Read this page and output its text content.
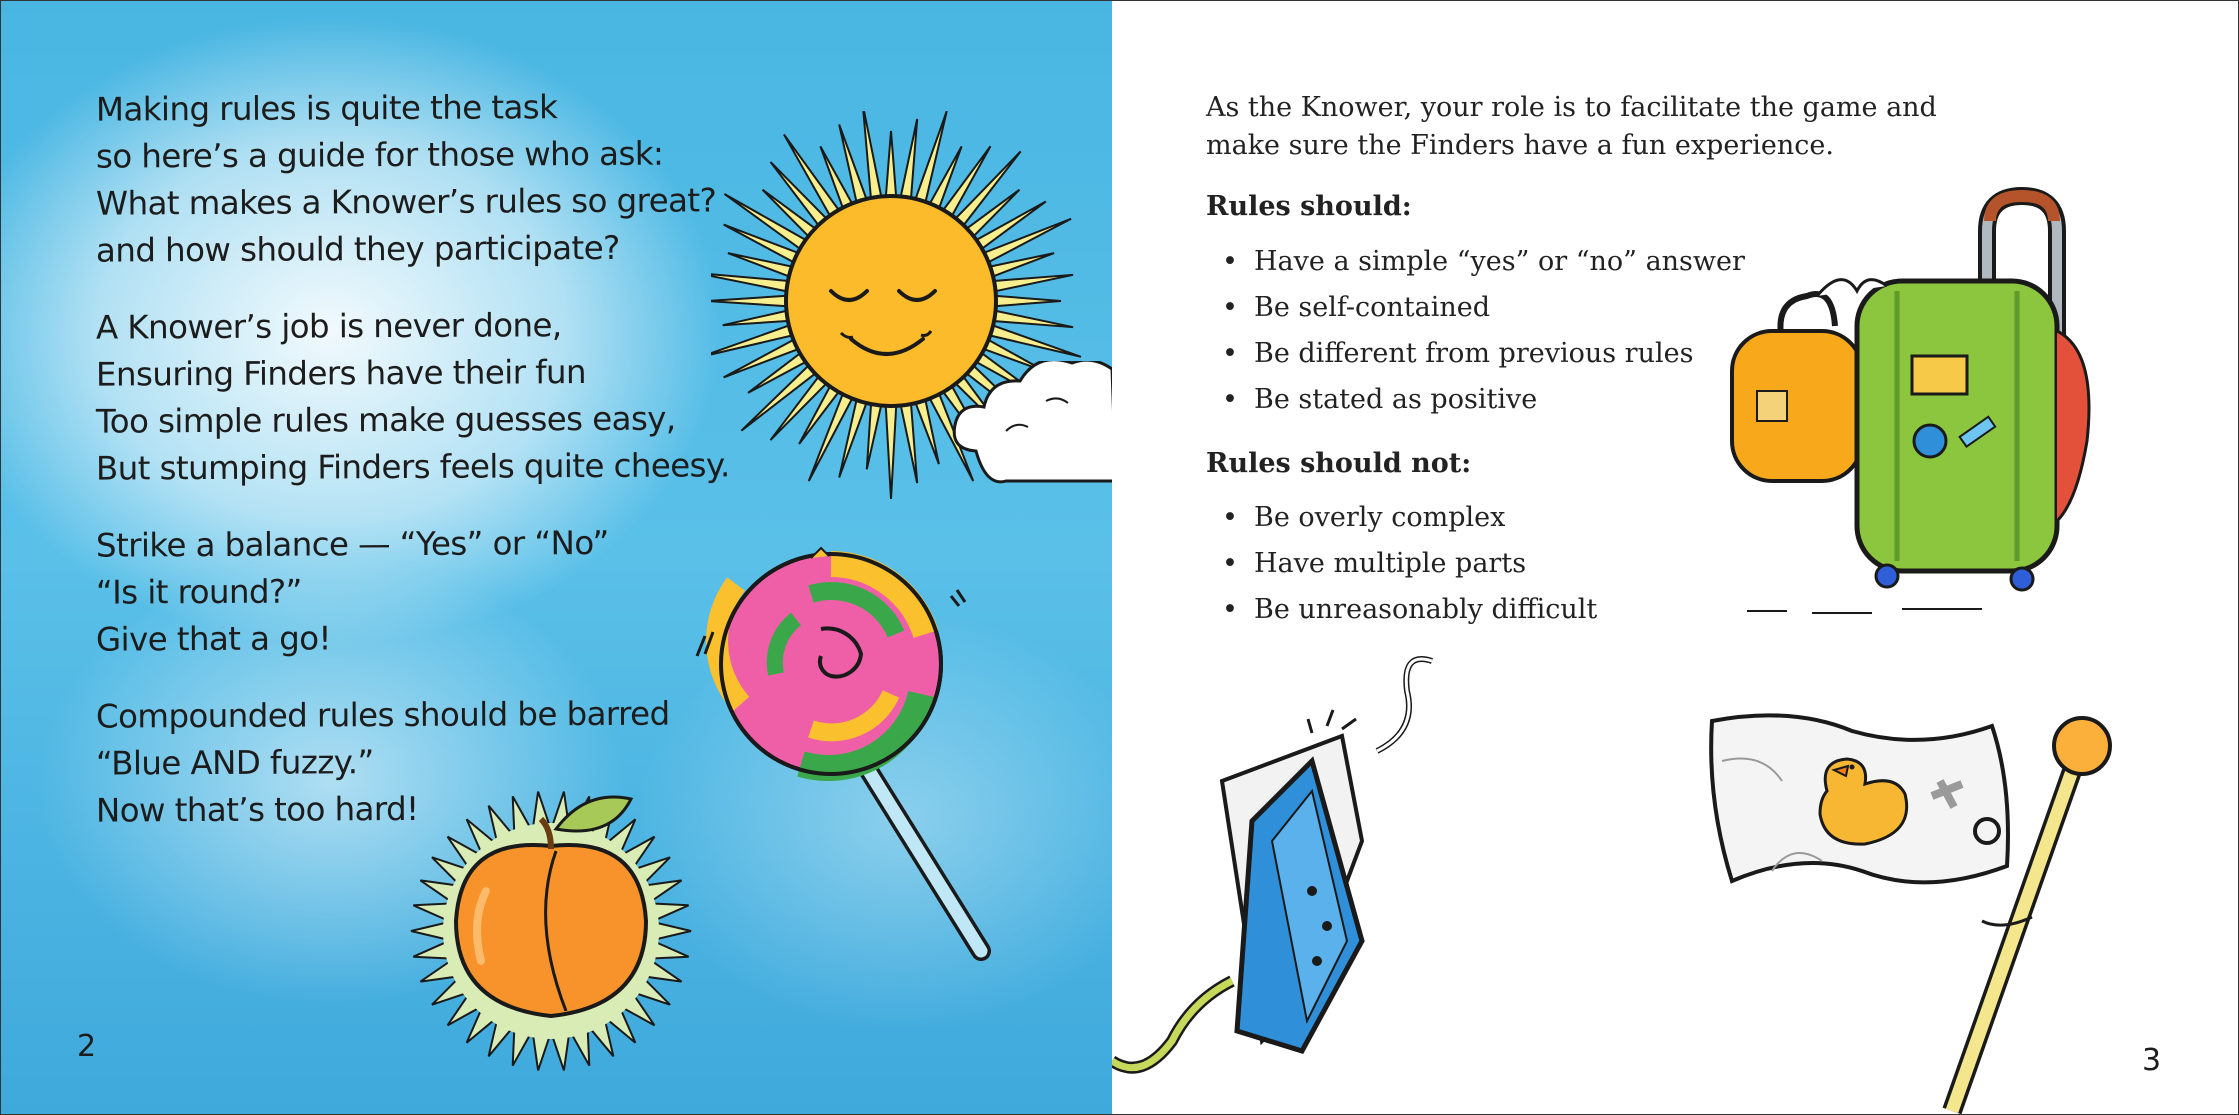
Making rules is quite the task
so here’s a guide for those who ask:
What makes a Knower’s rules so great?
and how should they participate?
A Knower’s job is never done,
Ensuring Finders have their fun
Too simple rules make guesses easy,
But stumping Finders feels quite cheesy.
Strike a balance — “Yes” or “No”
“Is it round?”
Give that a go!
Compounded rules should be barred
“Blue AND fuzzy.”
Now that’s too hard!
2
As the Knower, your role is to facilitate the game and make sure the Finders have a fun experience.
Rules should:
• Have a simple “yes” or “no” answer
• Be self-contained
• Be different from previous rules
• Be stated as positive
Rules should not:
• Be overly complex
• Have multiple parts
• Be unreasonably difficult
3
